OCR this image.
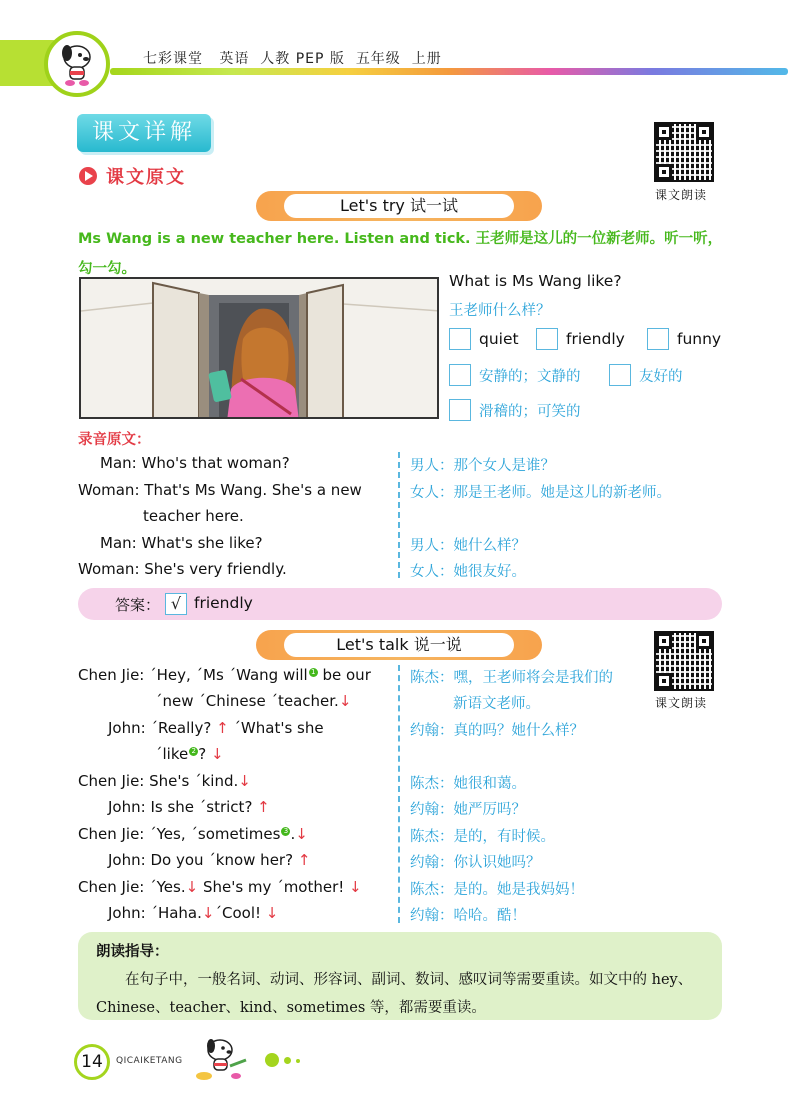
七彩课堂 英语 人教 PEP 版 五年级 上册
课文详解
课文朗读
课文原文
Let's try 试一试
Ms Wang is a new teacher here. Listen and tick. 王老师是这儿的一位新老师。听一听，勾一勾。
What is Ms Wang like?
王老师什么样？
quiet	friendly	funny
安静的；文静的	友好的
滑稽的；可笑的
录音原文：
Man: Who's that woman?	男人：那个女人是谁？
Woman: That's Ms Wang. She's a new
teacher here.
女人：那是王老师。她是这儿的新老师。
Man: What's she like?	男人：她什么样？
Woman: She's very friendly.	女人：她很友好。
答案： √ friendly
Let's talk 说一说
课文朗读
Chen Jie: ˊHey, ˊMs ˊWang will 1 be our
ˊnew ˊChinese ˊteacher.↓
陈杰：嘿，王老师将会是我们的
新语文老师。
John: ˊReally? ↑ ˊWhat's she
ˊlike 2 ? ↓
约翰：真的吗？她什么样？
Chen Jie: She's ˊkind.↓	陈杰：她很和蔼。
John: Is she ˊstrict? ↑	约翰：她严厉吗？
Chen Jie: ˊYes, ˊsometimes 3 .↓	陈杰：是的，有时候。
John: Do you ˊknow her? ↑	约翰：你认识她吗？
Chen Jie: ˊYes.↓ She's my ˊmother! ↓	陈杰：是的。她是我妈妈！
John: ˊHaha.↓ˊCool! ↓	约翰：哈哈。酷！
朗读指导：
在句子中，一般名词、动词、形容词、副词、数词、感叹词等需要重读。如文中的 hey、Chinese、teacher、kind、sometimes 等，都需要重读。
14	QICAIKETANG
